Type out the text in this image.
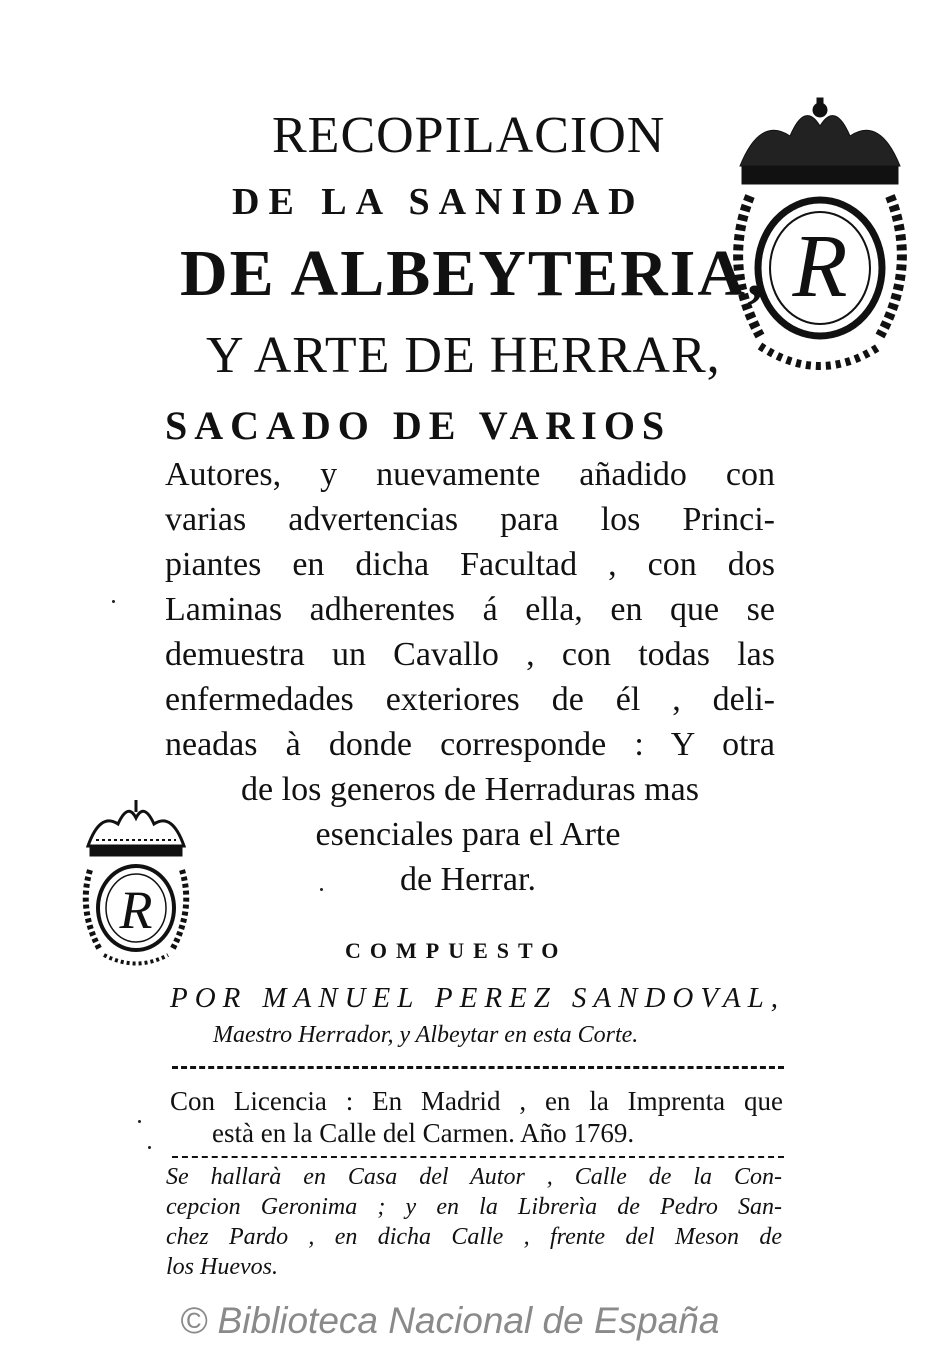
R
R
RECOPILACION
DE LA SANIDAD
DE ALBEYTERIA,
Y ARTE DE HERRAR,
SACADO DE VARIOS
Autores, y nuevamente añadido con
varias advertencias para los Princi-
piantes en dicha Facultad , con dos
Laminas adherentes á ella, en que se
demuestra un Cavallo , con todas las
enfermedades exteriores de él , deli-
neadas à donde corresponde : Y otra
de los generos de Herraduras mas
esenciales para el Arte
de Herrar.
COMPUESTO
POR MANUEL PEREZ SANDOVAL,
Maestro Herrador, y Albeytar en esta Corte.
Con Licencia : En Madrid , en la Imprenta que
està en la Calle del Carmen. Año 1769.
Se hallarà en Casa del Autor , Calle de la Con-
cepcion Geronima ; y en la Librerìa de Pedro San-
chez Pardo , en dicha Calle , frente del Meson de
los Huevos.
© Biblioteca Nacional de España
